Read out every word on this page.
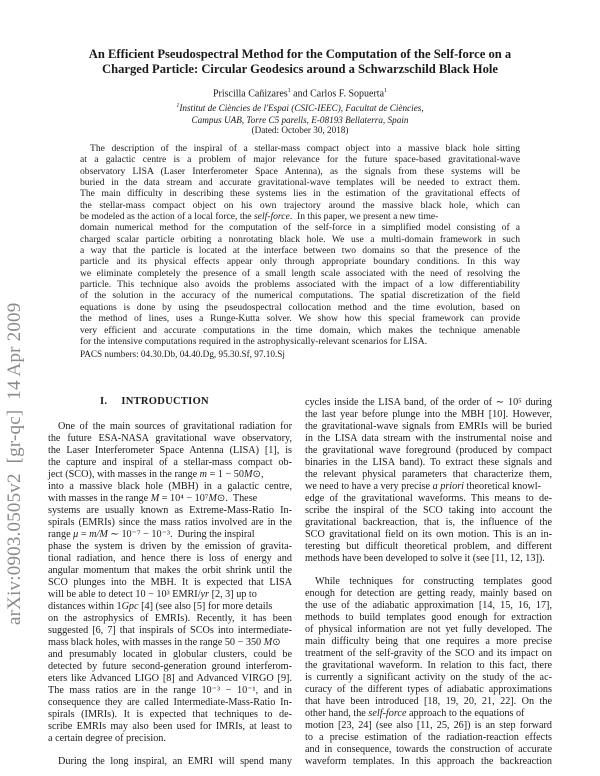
arXiv:0903.0505v2  [gr-qc]  14 Apr 2009
An Efficient Pseudospectral Method for the Computation of the Self-force on a
Charged Particle: Circular Geodesics around a Schwarzschild Black Hole
Priscilla Cañizares$^1$ and Carlos F. Sopuerta$^1$
$^1$Institut de Ciències de l'Espai (CSIC-IEEC), Facultat de Ciències,
Campus UAB, Torre C5 parells, E-08193 Bellaterra, Spain
(Dated: October 30, 2018)
The description of the inspiral of a stellar-mass compact object into a massive black hole sitting
at a galactic centre is a problem of major relevance for the future space-based gravitational-wave
observatory LISA (Laser Interferometer Space Antenna), as the signals from these systems will be
buried in the data stream and accurate gravitational-wave templates will be needed to extract them.
The main difficulty in describing these systems lies in the estimation of the gravitational effects of
the stellar-mass compact object on his own trajectory around the massive black hole, which can
be modeled as the action of a local force, the self-force .  In this paper, we present a new time-
domain numerical method for the computation of the self-force in a simplified model consisting of a
charged scalar particle orbiting a nonrotating black hole. We use a multi-domain framework in such
a way that the particle is located at the interface between two domains so that the presence of the
particle and its physical effects appear only through appropriate boundary conditions. In this way
we eliminate completely the presence of a small length scale associated with the need of resolving the
particle. This technique also avoids the problems associated with the impact of a low differentiability
of the solution in the accuracy of the numerical computations. The spatial discretization of the field
equations is done by using the pseudospectral collocation method and the time evolution, based on
the method of lines, uses a Runge-Kutta solver. We show how this special framework can provide
very efficient and accurate computations in the time domain, which makes the technique amenable
for the intensive computations required in the astrophysically-relevant scenarios for LISA.
PACS numbers: 04.30.Db, 04.40.Dg, 95.30.Sf, 97.10.Sj
I. INTRODUCTION
One of the main sources of gravitational radiation for
the future ESA-NASA gravitational wave observatory,
the Laser Interferometer Space Antenna (LISA) [1], is
the capture and inspiral of a stellar-mass compact ob-
ject (SCO), with masses in the range m = 1 − 50 M ⊙,
into a massive black hole (MBH) in a galactic centre,
with masses in the range M = 10⁴ − 10⁷ M ⊙.  These
systems are usually known as Extreme-Mass-Ratio In-
spirals (EMRIs) since the mass ratios involved are in the
range μ = m/M ∼ 10⁻⁷ − 10⁻³.  During the inspiral
phase the system is driven by the emission of gravita-
tional radiation, and hence there is loss of energy and
angular momentum that makes the orbit shrink until the
SCO plunges into the MBH. It is expected that LISA
will be able to detect 10 − 10³ EMRI/ yr [2, 3] up to
distances within 1 Gpc [4] (see also [5] for more details
on the astrophysics of EMRIs). Recently, it has been
suggested [6, 7] that inspirals of SCOs into intermediate-
mass black holes, with masses in the range 50 − 350 M ⊙
and presumably located in globular clusters, could be
detected by future second-generation ground interferom-
eters like Advanced LIGO [8] and Advanced VIRGO [9].
The mass ratios are in the range 10⁻³ − 10⁻¹, and in
consequence they are called Intermediate-Mass-Ratio In-
spirals (IMRIs). It is expected that techniques to de-
scribe EMRIs may also been used for IMRIs, at least to
a certain degree of precision.
During the long inspiral, an EMRI will spend many
cycles inside the LISA band, of the order of ∼ 10⁵ during
the last year before plunge into the MBH [10]. However,
the gravitational-wave signals from EMRIs will be buried
in the LISA data stream with the instrumental noise and
the gravitational wave foreground (produced by compact
binaries in the LISA band). To extract these signals and
the relevant physical parameters that characterize them,
we need to have a very precise a priori theoretical knowl-
edge of the gravitational waveforms. This means to de-
scribe the inspiral of the SCO taking into account the
gravitational backreaction, that is, the influence of the
SCO gravitational field on its own motion. This is an in-
teresting but difficult theoretical problem, and different
methods have been developed to solve it (see [11, 12, 13]).
While techniques for constructing templates good
enough for detection are getting ready, mainly based on
the use of the adiabatic approximation [14, 15, 16, 17],
methods to build templates good enough for extraction
of physical information are not yet fully developed. The
main difficulty being that one requires a more precise
treatment of the self-gravity of the SCO and its impact on
the gravitational waveform. In relation to this fact, there
is currently a significant activity on the study of the ac-
curacy of the different types of adiabatic approximations
that have been introduced [18, 19, 20, 21, 22]. On the
other hand, the self-force approach to the equations of
motion [23, 24] (see also [11, 25, 26]) is an step forward
to a precise estimation of the radiation-reaction effects
and in consequence, towards the construction of accurate
waveform templates. In this approach the backreaction
